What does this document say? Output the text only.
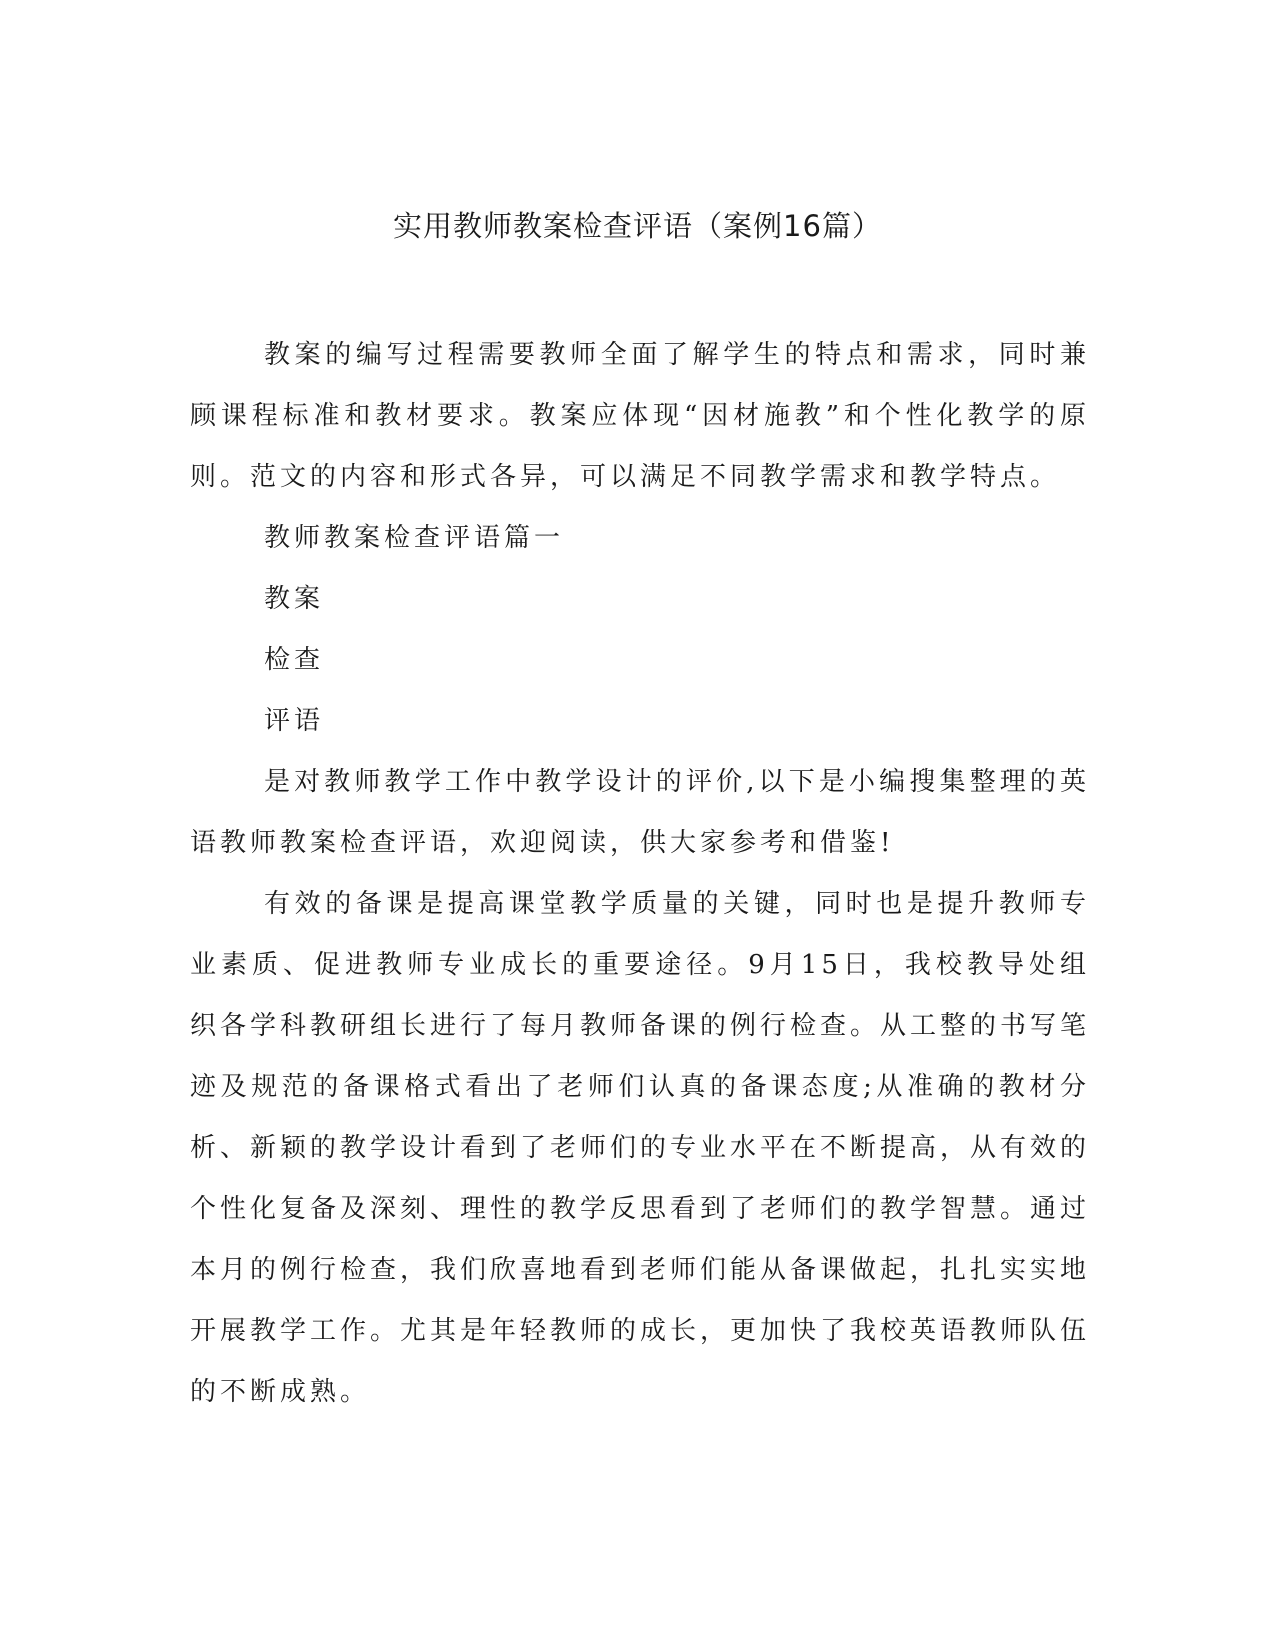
实用教师教案检查评语（案例16篇）

教案的编写过程需要教师全面了解学生的特点和需求，同时兼顾课程标准和教材要求。教案应体现“因材施教”和个性化教学的原则。范文的内容和形式各异，可以满足不同教学需求和教学特点。

教师教案检查评语篇一

教案

检查

评语

是对教师教学工作中教学设计的评价,以下是小编搜集整理的英语教师教案检查评语，欢迎阅读，供大家参考和借鉴!

有效的备课是提高课堂教学质量的关键，同时也是提升教师专业素质、促进教师专业成长的重要途径。9月15日，我校教导处组织各学科教研组长进行了每月教师备课的例行检查。从工整的书写笔迹及规范的备课格式看出了老师们认真的备课态度;从准确的教材分析、新颖的教学设计看到了老师们的专业水平在不断提高，从有效的个性化复备及深刻、理性的教学反思看到了老师们的教学智慧。通过本月的例行检查，我们欣喜地看到老师们能从备课做起，扎扎实实地开展教学工作。尤其是年轻教师的成长，更加快了我校英语教师队伍的不断成熟。
